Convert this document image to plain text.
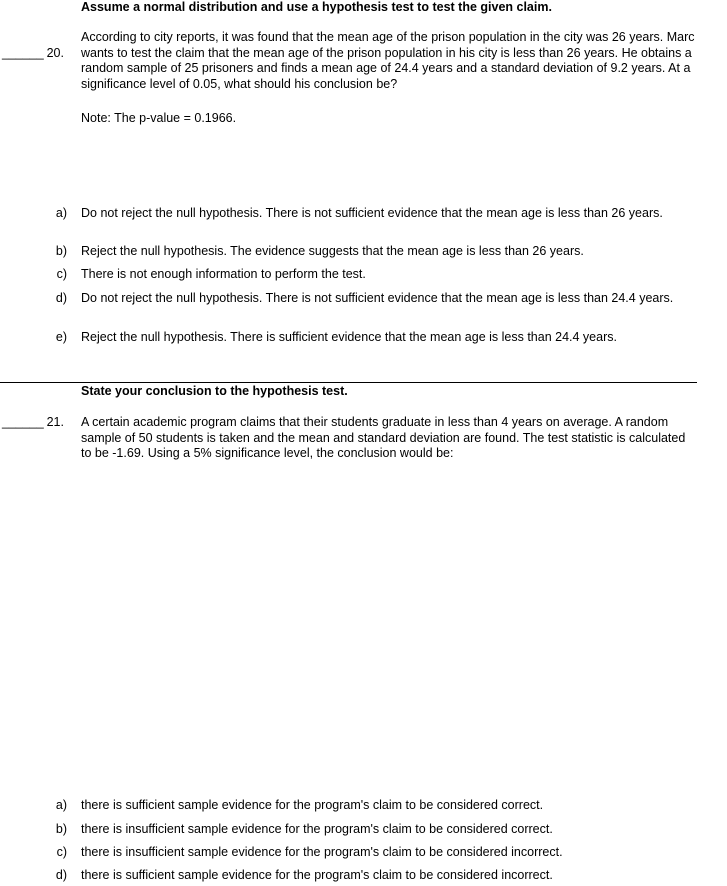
Assume a normal distribution and use a hypothesis test to test the given claim.
______ 20.
According to city reports, it was found that the mean age of the prison population in the city was 26 years. Marc wants to test the claim that the mean age of the prison population in his city is less than 26 years. He obtains a random sample of 25 prisoners and finds a mean age of 24.4 years and a standard deviation of 9.2 years. At a significance level of 0.05, what should his conclusion be?
Note: The p-value = 0.1966.
a) Do not reject the null hypothesis. There is not sufficient evidence that the mean age is less than 26 years.
b) Reject the null hypothesis. The evidence suggests that the mean age is less than 26 years.
c) There is not enough information to perform the test.
d) Do not reject the null hypothesis. There is not sufficient evidence that the mean age is less than 24.4 years.
e) Reject the null hypothesis. There is sufficient evidence that the mean age is less than 24.4 years.
State your conclusion to the hypothesis test.
______ 21. A certain academic program claims that their students graduate in less than 4 years on average. A random sample of 50 students is taken and the mean and standard deviation are found. The test statistic is calculated to be -1.69. Using a 5% significance level, the conclusion would be:
a) there is sufficient sample evidence for the program's claim to be considered correct.
b) there is insufficient sample evidence for the program's claim to be considered correct.
c) there is insufficient sample evidence for the program's claim to be considered incorrect.
d) there is sufficient sample evidence for the program's claim to be considered incorrect.
